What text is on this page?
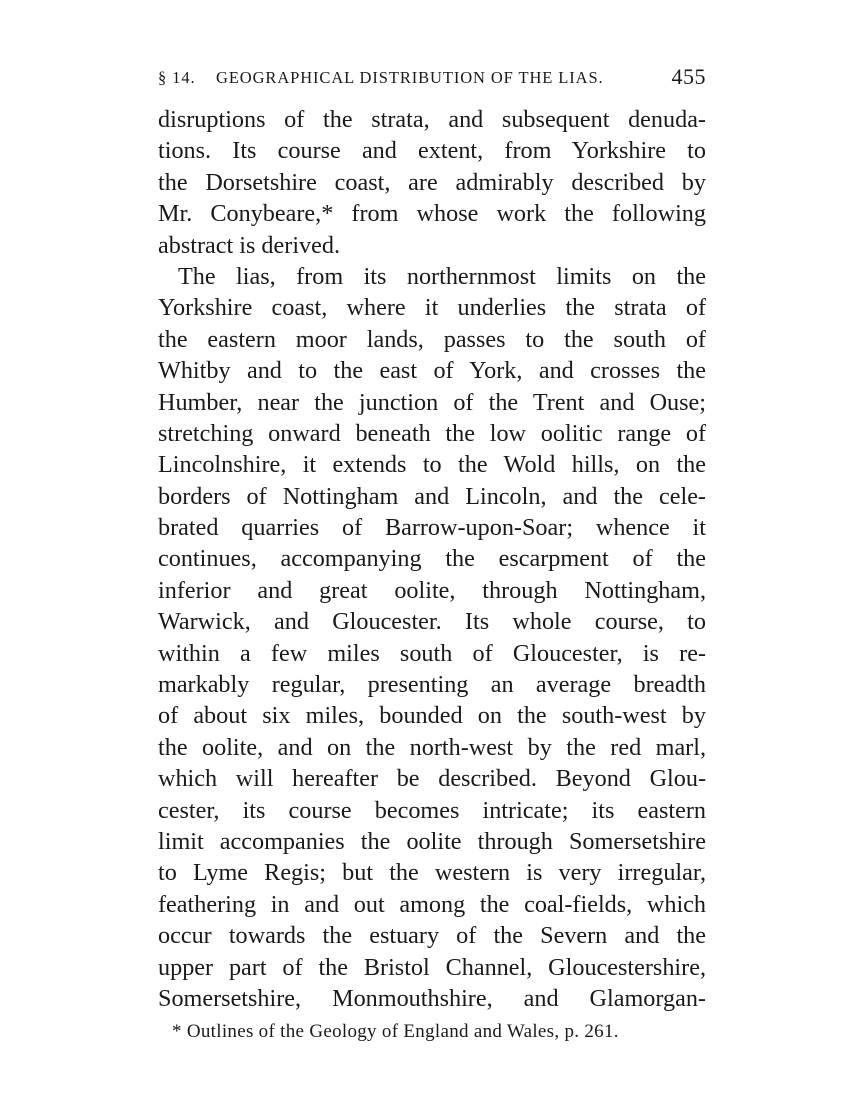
§ 14. GEOGRAPHICAL DISTRIBUTION OF THE LIAS.	455
disruptions of the strata, and subsequent denuda-
tions. Its course and extent, from Yorkshire to
the Dorsetshire coast, are admirably described by
Mr. Conybeare,* from whose work the following
abstract is derived.
The lias, from its northernmost limits on the
Yorkshire coast, where it underlies the strata of
the eastern moor lands, passes to the south of
Whitby and to the east of York, and crosses the
Humber, near the junction of the Trent and Ouse;
stretching onward beneath the low oolitic range of
Lincolnshire, it extends to the Wold hills, on the
borders of Nottingham and Lincoln, and the cele-
brated quarries of Barrow-upon-Soar; whence it
continues, accompanying the escarpment of the
inferior and great oolite, through Nottingham,
Warwick, and Gloucester. Its whole course, to
within a few miles south of Gloucester, is re-
markably regular, presenting an average breadth
of about six miles, bounded on the south-west by
the oolite, and on the north-west by the red marl,
which will hereafter be described. Beyond Glou-
cester, its course becomes intricate; its eastern
limit accompanies the oolite through Somersetshire
to Lyme Regis; but the western is very irregular,
feathering in and out among the coal-fields, which
occur towards the estuary of the Severn and the
upper part of the Bristol Channel, Gloucestershire,
Somersetshire, Monmouthshire, and Glamorgan-
* Outlines of the Geology of England and Wales, p. 261.
